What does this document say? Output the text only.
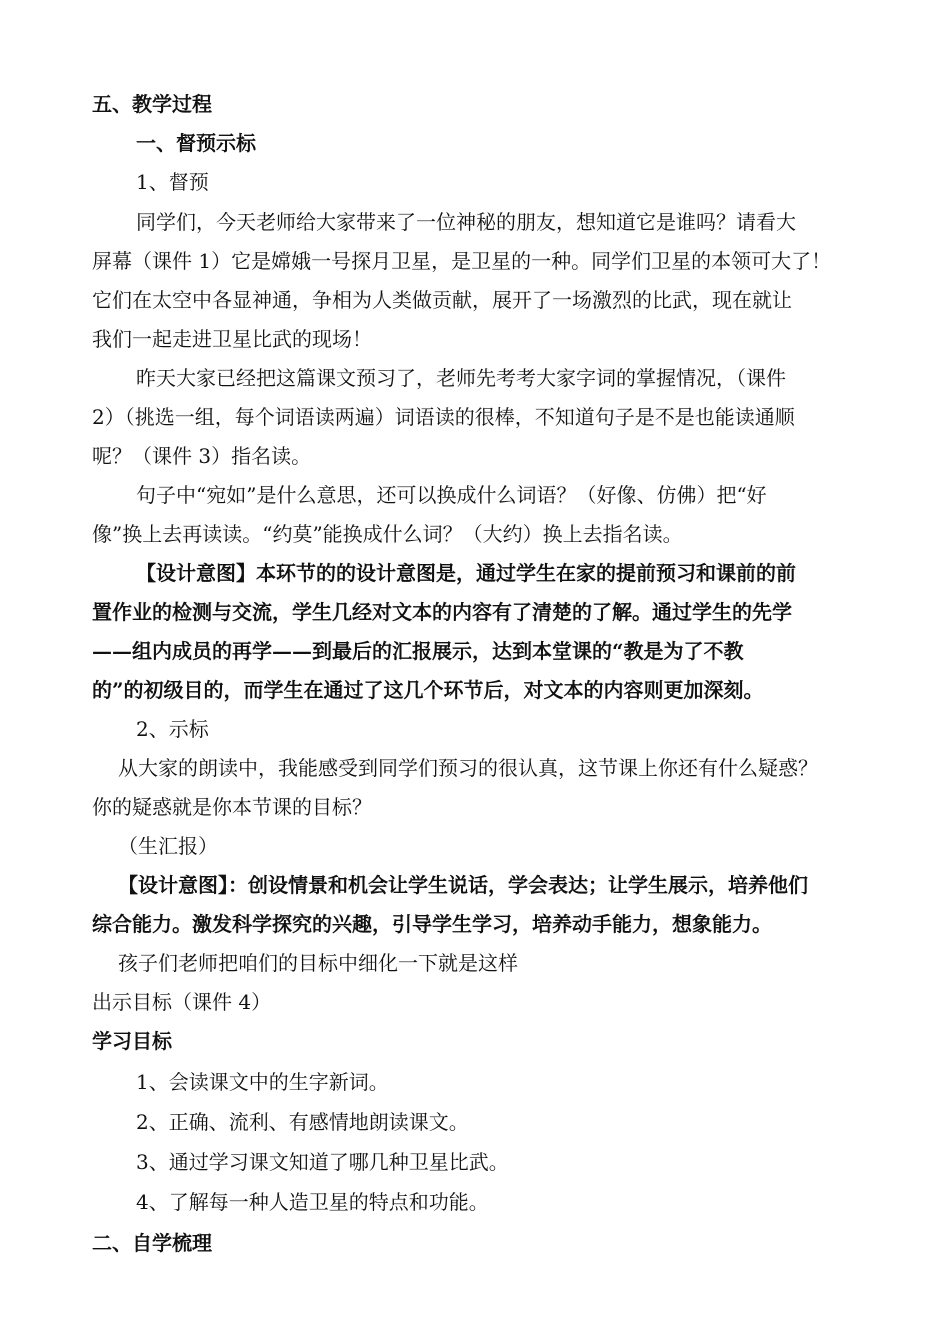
五、教学过程
一、督预示标
1、督预
同学们，今天老师给大家带来了一位神秘的朋友，想知道它是谁吗？请看大
屏幕（课件 1）它是嫦娥一号探月卫星，是卫星的一种。同学们卫星的本领可大了！
它们在太空中各显神通，争相为人类做贡献，展开了一场激烈的比武，现在就让
我们一起走进卫星比武的现场！
昨天大家已经把这篇课文预习了，老师先考考大家字词的掌握情况，（课件
2）（挑选一组，每个词语读两遍）词语读的很棒，不知道句子是不是也能读通顺
呢？（课件 3）指名读。
句子中“宛如”是什么意思，还可以换成什么词语？（好像、仿佛）把“好
像”换上去再读读。“约莫”能换成什么词？（大约）换上去指名读。
【设计意图】本环节的的设计意图是，通过学生在家的提前预习和课前的前
置作业的检测与交流，学生几经对文本的内容有了清楚的了解。通过学生的先学
——组内成员的再学——到最后的汇报展示，达到本堂课的“教是为了不教
的”的初级目的，而学生在通过了这几个环节后，对文本的内容则更加深刻。
2、示标
从大家的朗读中，我能感受到同学们预习的很认真，这节课上你还有什么疑惑？
你的疑惑就是你本节课的目标？
（生汇报）
【设计意图】：创设情景和机会让学生说话，学会表达；让学生展示，培养他们
综合能力。激发科学探究的兴趣，引导学生学习，培养动手能力，想象能力。
孩子们老师把咱们的目标中细化一下就是这样
出示目标（课件 4）
学习目标
1、会读课文中的生字新词。
2、正确、流利、有感情地朗读课文。
3、通过学习课文知道了哪几种卫星比武。
4、了解每一种人造卫星的特点和功能。
二、自学梳理
